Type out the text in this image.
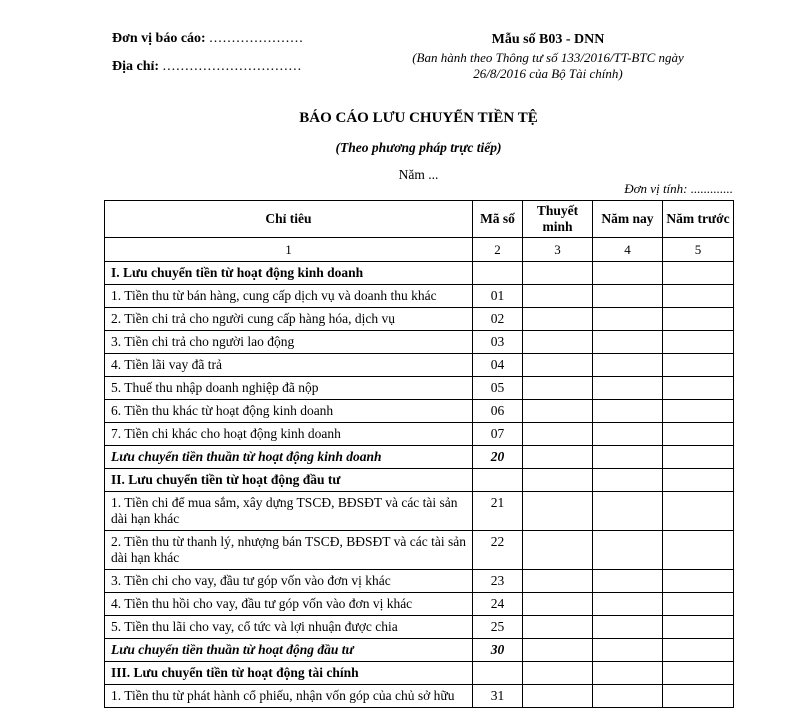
Đơn vị báo cáo: .....................
Địa chỉ: ...............................
Mẫu số B03 - DNN
(Ban hành theo Thông tư số 133/2016/TT-BTC ngày
26/8/2016 của Bộ Tài chính)
BÁO CÁO LƯU CHUYỂN TIỀN TỆ
(Theo phương pháp trực tiếp)
Năm ...
Đơn vị tính: .............
Chỉ tiêu	Mã số	Thuyết minh	Năm nay	Năm trước
1	2	3	4	5
I. Lưu chuyển tiền từ hoạt động kinh doanh				
1. Tiền thu từ bán hàng, cung cấp dịch vụ và doanh thu khác	01			
2. Tiền chi trả cho người cung cấp hàng hóa, dịch vụ	02			
3. Tiền chi trả cho người lao động	03			
4. Tiền lãi vay đã trả	04			
5. Thuế thu nhập doanh nghiệp đã nộp	05			
6. Tiền thu khác từ hoạt động kinh doanh	06			
7. Tiền chi khác cho hoạt động kinh doanh	07			
Lưu chuyển tiền thuần từ hoạt động kinh doanh	20			
II. Lưu chuyển tiền từ hoạt động đầu tư				
1. Tiền chi để mua sắm, xây dựng TSCĐ, BĐSĐT và các tài sản dài hạn khác	21			
2. Tiền thu từ thanh lý, nhượng bán TSCĐ, BĐSĐT và các tài sản dài hạn khác	22			
3. Tiền chi cho vay, đầu tư góp vốn vào đơn vị khác	23			
4. Tiền thu hồi cho vay, đầu tư góp vốn vào đơn vị khác	24			
5. Tiền thu lãi cho vay, cổ tức và lợi nhuận được chia	25			
Lưu chuyển tiền thuần từ hoạt động đầu tư	30			
III. Lưu chuyển tiền từ hoạt động tài chính				
1. Tiền thu từ phát hành cổ phiếu, nhận vốn góp của chủ sở hữu	31			
